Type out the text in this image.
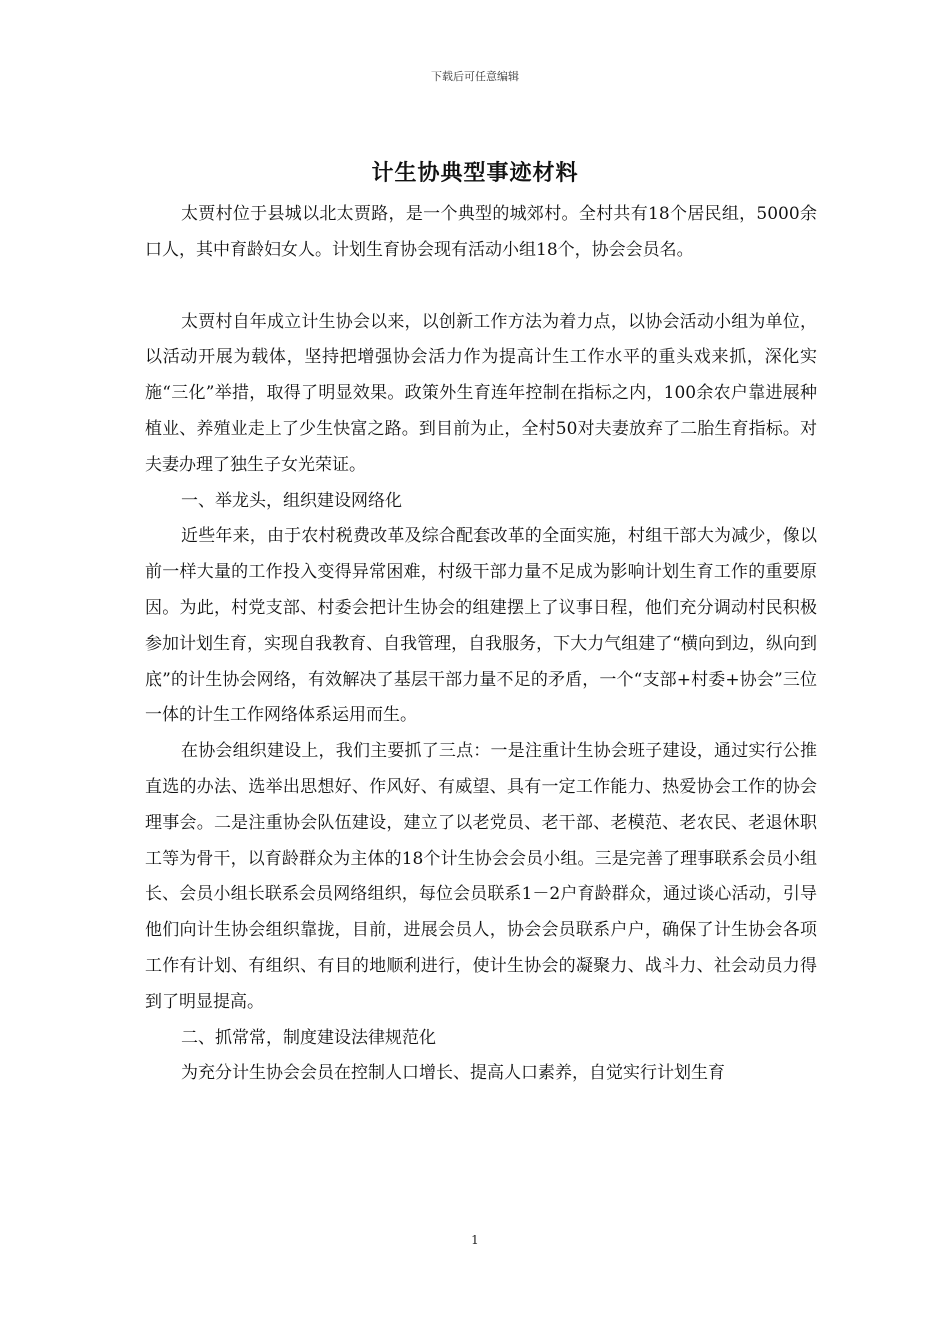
下载后可任意编辑
计生协典型事迹材料

太贾村位于县城以北太贾路，是一个典型的城郊村。全村共有18个居民组，5000余口人，其中育龄妇女人。计划生育协会现有活动小组18个，协会会员名。

太贾村自年成立计生协会以来，以创新工作方法为着力点，以协会活动小组为单位，以活动开展为载体，坚持把增强协会活力作为提高计生工作水平的重头戏来抓，深化实施“三化”举措，取得了明显效果。政策外生育连年控制在指标之内，100余农户靠进展种植业、养殖业走上了少生快富之路。到目前为止，全村50对夫妻放弃了二胎生育指标。对夫妻办理了独生子女光荣证。

一、举龙头，组织建设网络化

近些年来，由于农村税费改革及综合配套改革的全面实施，村组干部大为减少，像以前一样大量的工作投入变得异常困难，村级干部力量不足成为影响计划生育工作的重要原因。为此，村党支部、村委会把计生协会的组建摆上了议事日程，他们充分调动村民积极参加计划生育，实现自我教育、自我管理，自我服务，下大力气组建了“横向到边，纵向到底”的计生协会网络，有效解决了基层干部力量不足的矛盾，一个“支部+村委+协会”三位一体的计生工作网络体系运用而生。

在协会组织建设上，我们主要抓了三点：一是注重计生协会班子建设，通过实行公推直选的办法、选举出思想好、作风好、有威望、具有一定工作能力、热爱协会工作的协会理事会。二是注重协会队伍建设，建立了以老党员、老干部、老模范、老农民、老退休职工等为骨干，以育龄群众为主体的18个计生协会会员小组。三是完善了理事联系会员小组长、会员小组长联系会员网络组织，每位会员联系1－2户育龄群众，通过谈心活动，引导他们向计生协会组织靠拢，目前，进展会员人，协会会员联系户户，确保了计生协会各项工作有计划、有组织、有目的地顺利进行，使计生协会的凝聚力、战斗力、社会动员力得到了明显提高。

二、抓常常，制度建设法律规范化

为充分计生协会会员在控制人口增长、提高人口素养，自觉实行计划生育

1
